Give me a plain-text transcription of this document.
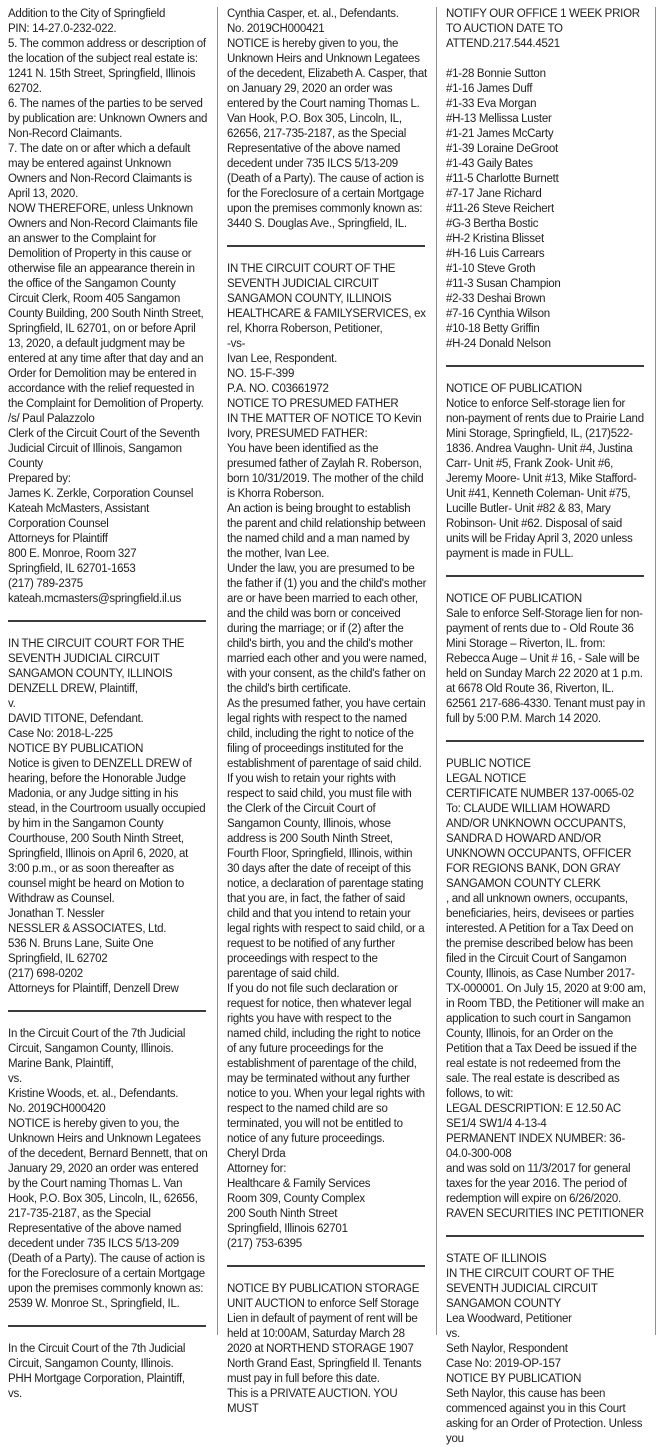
Addition to the City of Springfield

PIN: 14-27.0-232-022.

5. The common address or description of the location of the subject real estate is: 1241 N. 15th Street, Springfield, Illinois 62702.

6. The names of the parties to be served by publication are: Unknown Owners and Non-Record Claimants.

7. The date on or after which a default may be entered against Unknown Owners and Non-Record Claimants is April 13, 2020.

NOW THEREFORE, unless Unknown Owners and Non-Record Claimants file an answer to the Complaint for Demolition of Property in this cause or otherwise file an appearance therein in the office of the Sangamon County Circuit Clerk, Room 405 Sangamon County Building, 200 South Ninth Street, Springfield, IL 62701, on or before April 13, 2020, a default judgment may be entered at any time after that day and an Order for Demolition may be entered in accordance with the relief requested in the Complaint for Demolition of Property.

/s/ Paul Palazzolo

Clerk of the Circuit Court of the Seventh Judicial Circuit of Illinois, Sangamon County

Prepared by:

James K. Zerkle, Corporation Counsel

Kateah McMasters, Assistant Corporation Counsel

Attorneys for Plaintiff

800 E. Monroe, Room 327

Springfield, IL 62701-1653

(217) 789-2375

kateah.mcmasters@springfield.il.us

IN THE CIRCUIT COURT FOR THE SEVENTH JUDICIAL CIRCUIT SANGAMON COUNTY, ILLINOIS

DENZELL DREW, Plaintiff,

v.

DAVID TITONE, Defendant.

Case No: 2018-L-225

NOTICE BY PUBLICATION

Notice is given to DENZELL DREW of hearing, before the Honorable Judge Madonia, or any Judge sitting in his stead, in the Courtroom usually occupied by him in the Sangamon County Courthouse, 200 South Ninth Street, Springfield, Illinois on April 6, 2020, at 3:00 p.m., or as soon thereafter as counsel might be heard on Motion to Withdraw as Counsel.

Jonathan T. Nessler

NESSLER & ASSOCIATES, Ltd.

536 N. Bruns Lane, Suite One

Springfield, IL 62702

(217) 698-0202

Attorneys for Plaintiff, Denzell Drew

In the Circuit Court of the 7th Judicial Circuit, Sangamon County, Illinois.

Marine Bank, Plaintiff,

vs.

Kristine Woods, et. al., Defendants.

No. 2019CH000420

NOTICE is hereby given to you, the Unknown Heirs and Unknown Legatees of the decedent, Bernard Bennett, that on January 29, 2020 an order was entered by the Court naming Thomas L. Van Hook, P.O. Box 305, Lincoln, IL, 62656, 217-735-2187, as the Special Representative of the above named decedent under 735 ILCS 5/13-209 (Death of a Party). The cause of action is for the Foreclosure of a certain Mortgage upon the premises commonly known as: 2539 W. Monroe St., Springfield, IL.

In the Circuit Court of the 7th Judicial Circuit, Sangamon County, Illinois.

PHH Mortgage Corporation, Plaintiff,

vs.

Cynthia Casper, et. al., Defendants.

No. 2019CH000421

NOTICE is hereby given to you, the Unknown Heirs and Unknown Legatees of the decedent, Elizabeth A. Casper, that on January 29, 2020 an order was entered by the Court naming Thomas L. Van Hook, P.O. Box 305, Lincoln, IL, 62656, 217-735-2187, as the Special Representative of the above named decedent under 735 ILCS 5/13-209 (Death of a Party). The cause of action is for the Foreclosure of a certain Mortgage upon the premises commonly known as: 3440 S. Douglas Ave., Springfield, IL.

IN THE CIRCUIT COURT OF THE SEVENTH JUDICIAL CIRCUIT SANGAMON COUNTY, ILLINOIS

HEALTHCARE & FAMILYSERVICES, ex rel, Khorra Roberson, Petitioner,

-vs-

Ivan Lee, Respondent.

NO. 15-F-399

P.A. NO. C03661972

NOTICE TO PRESUMED FATHER

IN THE MATTER OF NOTICE TO Kevin Ivory, PRESUMED FATHER:

You have been identified as the presumed father of Zaylah R. Roberson, born 10/31/2019. The mother of the child is Khorra Roberson.

An action is being brought to establish the parent and child relationship between the named child and a man named by the mother, Ivan Lee.

Under the law, you are presumed to be the father if (1) you and the child's mother are or have been married to each other, and the child was born or conceived during the marriage; or if (2) after the child's birth, you and the child's mother married each other and you were named, with your consent, as the child's father on the child's birth certificate.

As the presumed father, you have certain legal rights with respect to the named child, including the right to notice of the filing of proceedings instituted for the establishment of parentage of said child. If you wish to retain your rights with respect to said child, you must file with the Clerk of the Circuit Court of Sangamon County, Illinois, whose address is 200 South Ninth Street, Fourth Floor, Springfield, Illinois, within 30 days after the date of receipt of this notice, a declaration of parentage stating that you are, in fact, the father of said child and that you intend to retain your legal rights with respect to said child, or a request to be notified of any further proceedings with respect to the parentage of said child.

If you do not file such declaration or request for notice, then whatever legal rights you have with respect to the named child, including the right to notice of any future proceedings for the establishment of parentage of the child, may be terminated without any further notice to you. When your legal rights with respect to the named child are so terminated, you will not be entitled to notice of any future proceedings.

Cheryl Drda

Attorney for:

Healthcare & Family Services

Room 309, County Complex

200 South Ninth Street

Springfield, Illinois 62701

(217) 753-6395

NOTICE BY PUBLICATION STORAGE UNIT AUCTION to enforce Self Storage Lien in default of payment of rent will be held at 10:00AM, Saturday March 28 2020 at NORTHEND STORAGE 1907 North Grand East, Springfield Il. Tenants must pay in full before this date.

This is a PRIVATE AUCTION. YOU MUST

NOTIFY OUR OFFICE 1 WEEK PRIOR TO AUCTION DATE TO ATTEND.217.544.4521

#1-28 Bonnie Sutton

#1-16 James Duff

#1-33 Eva Morgan

#H-13 Mellissa Luster

#1-21 James McCarty

#1-39 Loraine DeGroot

#1-43 Gaily Bates

#11-5 Charlotte Burnett

#7-17 Jane Richard

#11-26 Steve Reichert

#G-3 Bertha Bostic

#H-2 Kristina Blisset

#H-16 Luis Carrears

#1-10 Steve Groth

#11-3 Susan Champion

#2-33 Deshai Brown

#7-16 Cynthia Wilson

#10-18 Betty Griffin

#H-24 Donald Nelson

NOTICE OF PUBLICATION

Notice to enforce Self-storage lien for non-payment of rents due to Prairie Land Mini Storage, Springfield, IL, (217)522-1836. Andrea Vaughn- Unit #4, Justina Carr- Unit #5, Frank Zook- Unit #6, Jeremy Moore- Unit #13, Mike Stafford- Unit #41, Kenneth Coleman- Unit #75, Lucille Butler- Unit #82 & 83, Mary Robinson- Unit #62. Disposal of said units will be Friday April 3, 2020 unless payment is made in FULL.

NOTICE OF PUBLICATION

Sale to enforce Self-Storage lien for non-payment of rents due to - Old Route 36 Mini Storage – Riverton, IL. from: Rebecca Auge – Unit # 16, - Sale will be held on Sunday March 22 2020 at 1 p.m. at 6678 Old Route 36, Riverton, IL. 62561 217-686-4330. Tenant must pay in full by 5:00 P.M. March 14 2020.

PUBLIC NOTICE

LEGAL NOTICE

CERTIFICATE NUMBER 137-0065-02

To: CLAUDE WILLIAM HOWARD AND/OR UNKNOWN OCCUPANTS, SANDRA D HOWARD AND/OR UNKNOWN OCCUPANTS, OFFICER FOR REGIONS BANK, DON GRAY SANGAMON COUNTY CLERK

, and all unknown owners, occupants, beneficiaries, heirs, devisees or parties interested. A Petition for a Tax Deed on the premise described below has been filed in the Circuit Court of Sangamon County, Illinois, as Case Number 2017-TX-000001. On July 15, 2020 at 9:00 am, in Room TBD, the Petitioner will make an application to such court in Sangamon County, Illinois, for an Order on the Petition that a Tax Deed be issued if the real estate is not redeemed from the sale. The real estate is described as follows, to wit:

LEGAL DESCRIPTION: E 12.50 AC SE1/4 SW1/4 4-13-4

PERMANENT INDEX NUMBER: 36-04.0-300-008

and was sold on 11/3/2017 for general taxes for the year 2016. The period of redemption will expire on 6/26/2020.

RAVEN SECURITIES INC PETITIONER

STATE OF ILLINOIS

IN THE CIRCUIT COURT OF THE SEVENTH JUDICIAL CIRCUIT

SANGAMON COUNTY

Lea Woodward, Petitioner

vs.

Seth Naylor, Respondent

Case No: 2019-OP-157

NOTICE BY PUBLICATION

Seth Naylor, this cause has been commenced against you in this Court asking for an Order of Protection. Unless you
